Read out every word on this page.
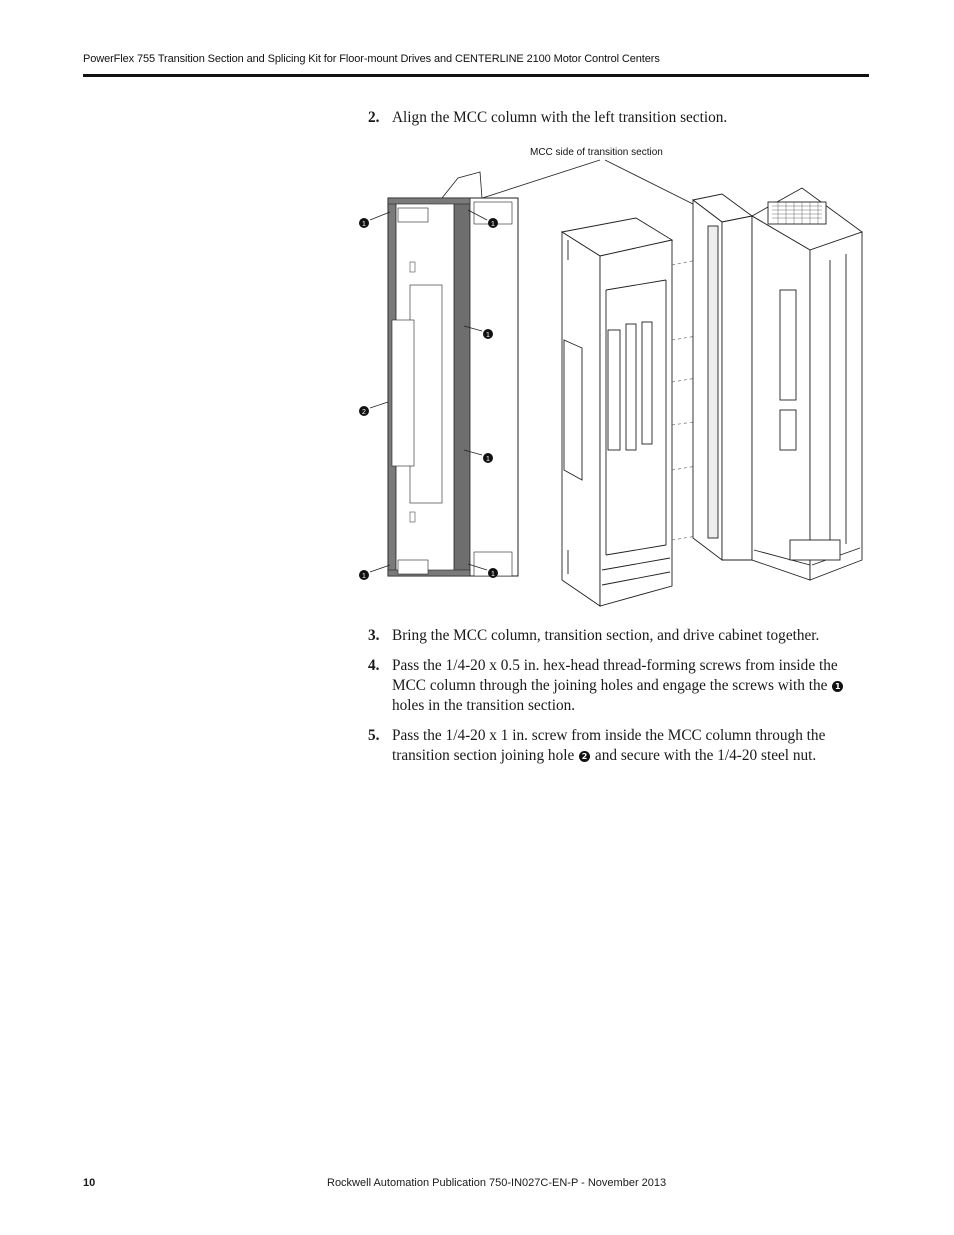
PowerFlex 755 Transition Section and Splicing Kit for Floor-mount Drives and CENTERLINE 2100 Motor Control Centers
2. Align the MCC column with the left transition section.
MCC side of transition section
1	1
1
2
1
1	1
3. Bring the MCC column, transition section, and drive cabinet together.
4. Pass the 1/4-20 x 0.5 in. hex-head thread-forming screws from inside the MCC column through the joining holes and engage the screws with the 1 holes in the transition section.
5. Pass the 1/4-20 x 1 in. screw from inside the MCC column through the transition section joining hole 2 and secure with the 1/4-20 steel nut.
10	Rockwell Automation Publication 750-IN027C-EN-P - November 2013
